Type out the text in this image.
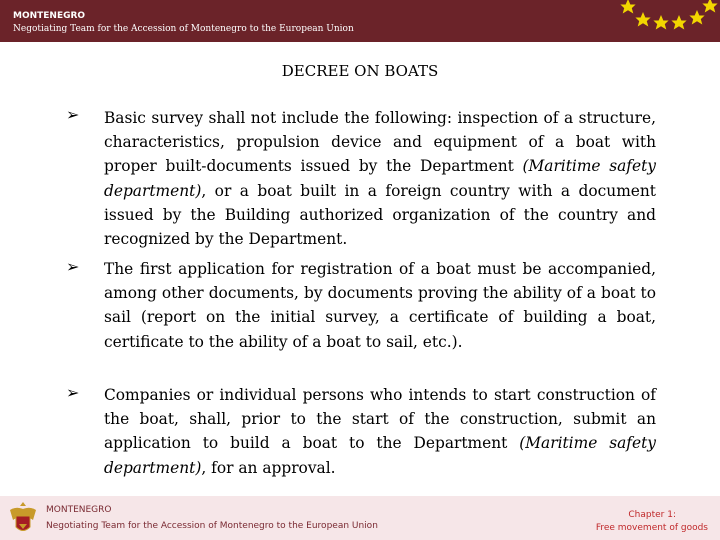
MONTENEGRO
Negotiating Team for the Accession of Montenegro to the European Union
DECREE ON BOATS
➢ Basic survey shall not include the following: inspection of a structure, characteristics, propulsion device and equipment of a boat with proper built-documents issued by the Department (Maritime safety department), or a boat built in a foreign country with a document issued by the Building authorized organization of the country and recognized by the Department.
➢ The first application for registration of a boat must be accompanied, among other documents, by documents proving the ability of a boat to sail (report on the initial survey, a certificate of building a boat, certificate to the ability of a boat to sail, etc.).
➢ Companies or individual persons who intends to start construction of the boat, shall, prior to the start of the construction, submit an application to build a boat to the Department (Maritime safety department), for an approval.
MONTENEGRO
Negotiating Team for the Accession of Montenegro to the European Union
Chapter 1:
Free movement of goods
